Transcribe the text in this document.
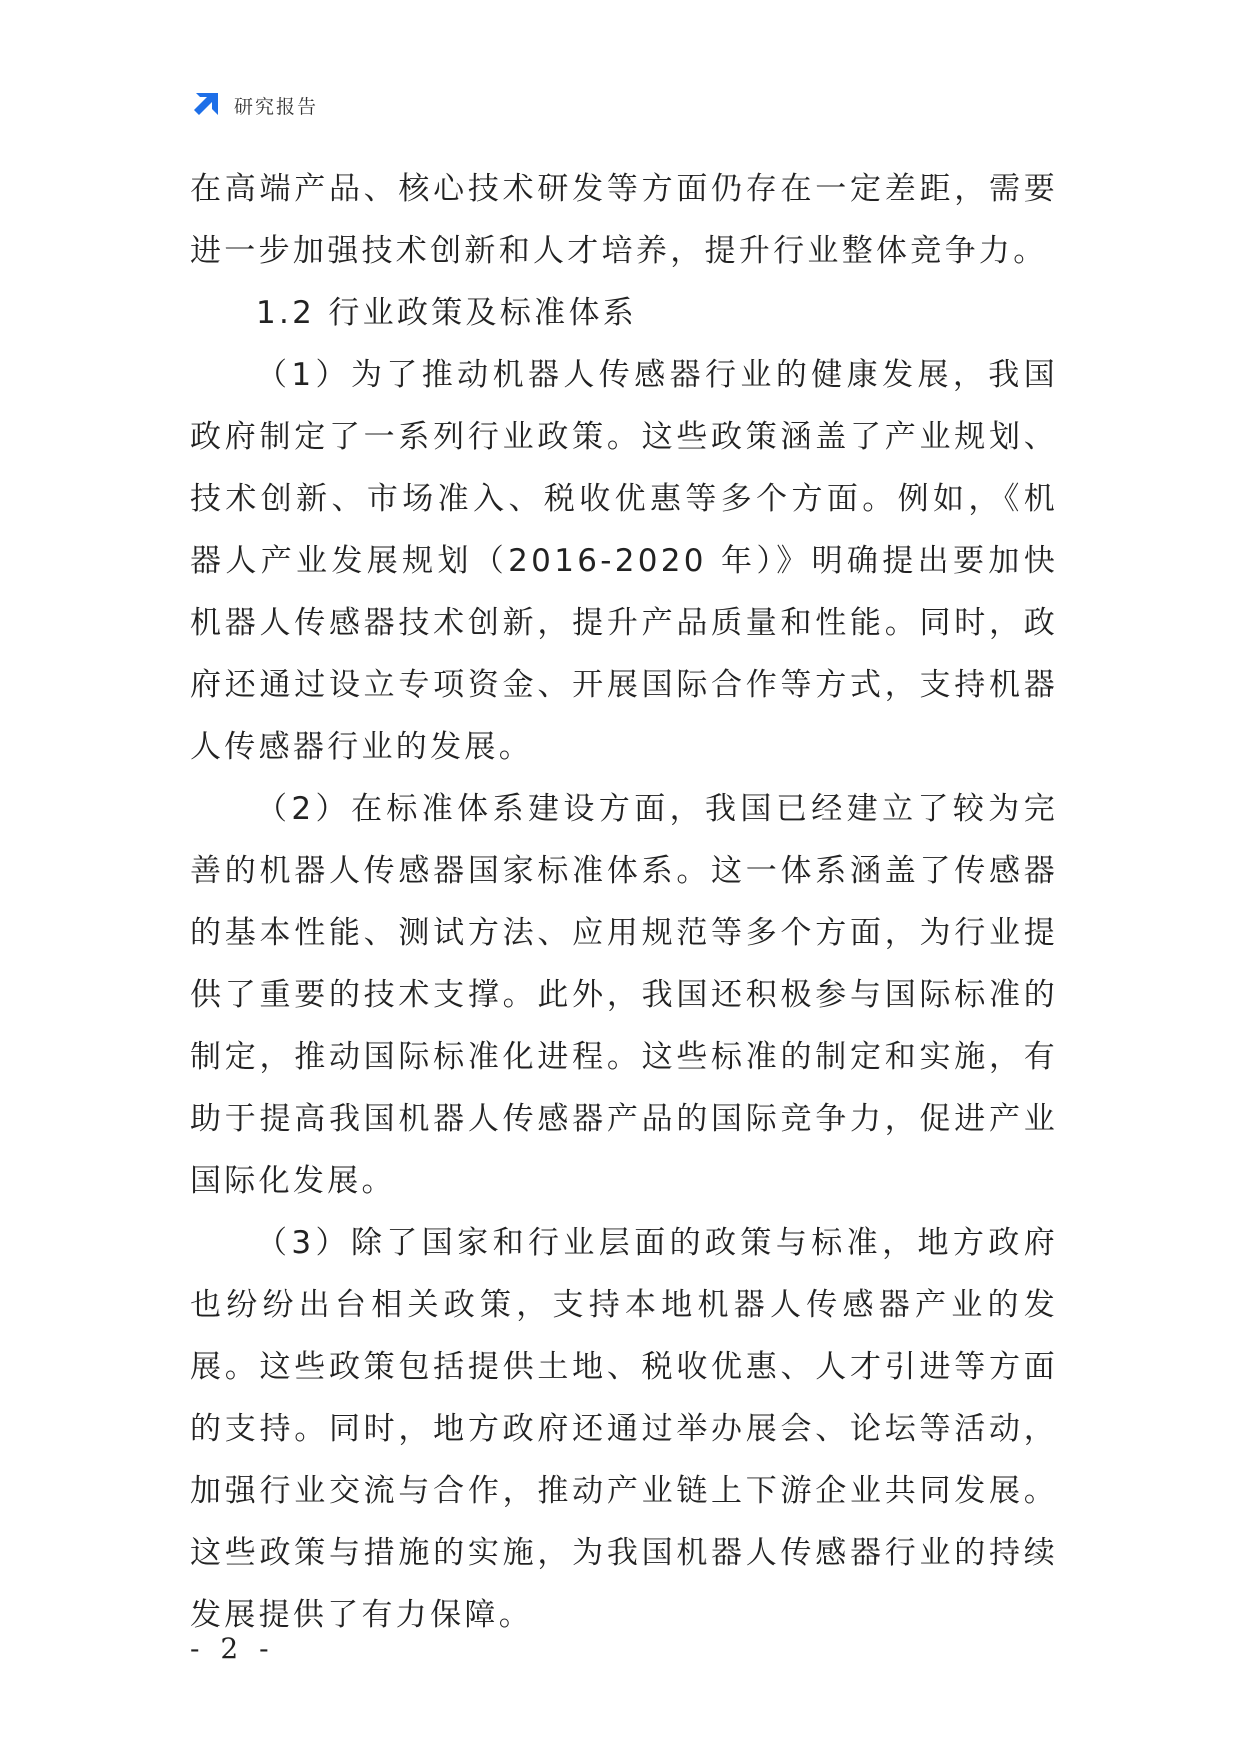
研究报告

在高端产品、核心技术研发等方面仍存在一定差距，需要进一步加强技术创新和人才培养，提升行业整体竞争力。

1.2 行业政策及标准体系

（1）为了推动机器人传感器行业的健康发展，我国政府制定了一系列行业政策。这些政策涵盖了产业规划、技术创新、市场准入、税收优惠等多个方面。例如，《机器人产业发展规划（2016-2020 年）》明确提出要加快机器人传感器技术创新，提升产品质量和性能。同时，政府还通过设立专项资金、开展国际合作等方式，支持机器人传感器行业的发展。

（2）在标准体系建设方面，我国已经建立了较为完善的机器人传感器国家标准体系。这一体系涵盖了传感器的基本性能、测试方法、应用规范等多个方面，为行业提供了重要的技术支撑。此外，我国还积极参与国际标准的制定，推动国际标准化进程。这些标准的制定和实施，有助于提高我国机器人传感器产品的国际竞争力，促进产业国际化发展。

（3）除了国家和行业层面的政策与标准，地方政府也纷纷出台相关政策，支持本地机器人传感器产业的发展。这些政策包括提供土地、税收优惠、人才引进等方面的支持。同时，地方政府还通过举办展会、论坛等活动，加强行业交流与合作，推动产业链上下游企业共同发展。这些政策与措施的实施，为我国机器人传感器行业的持续发展提供了有力保障。

- 2 -
